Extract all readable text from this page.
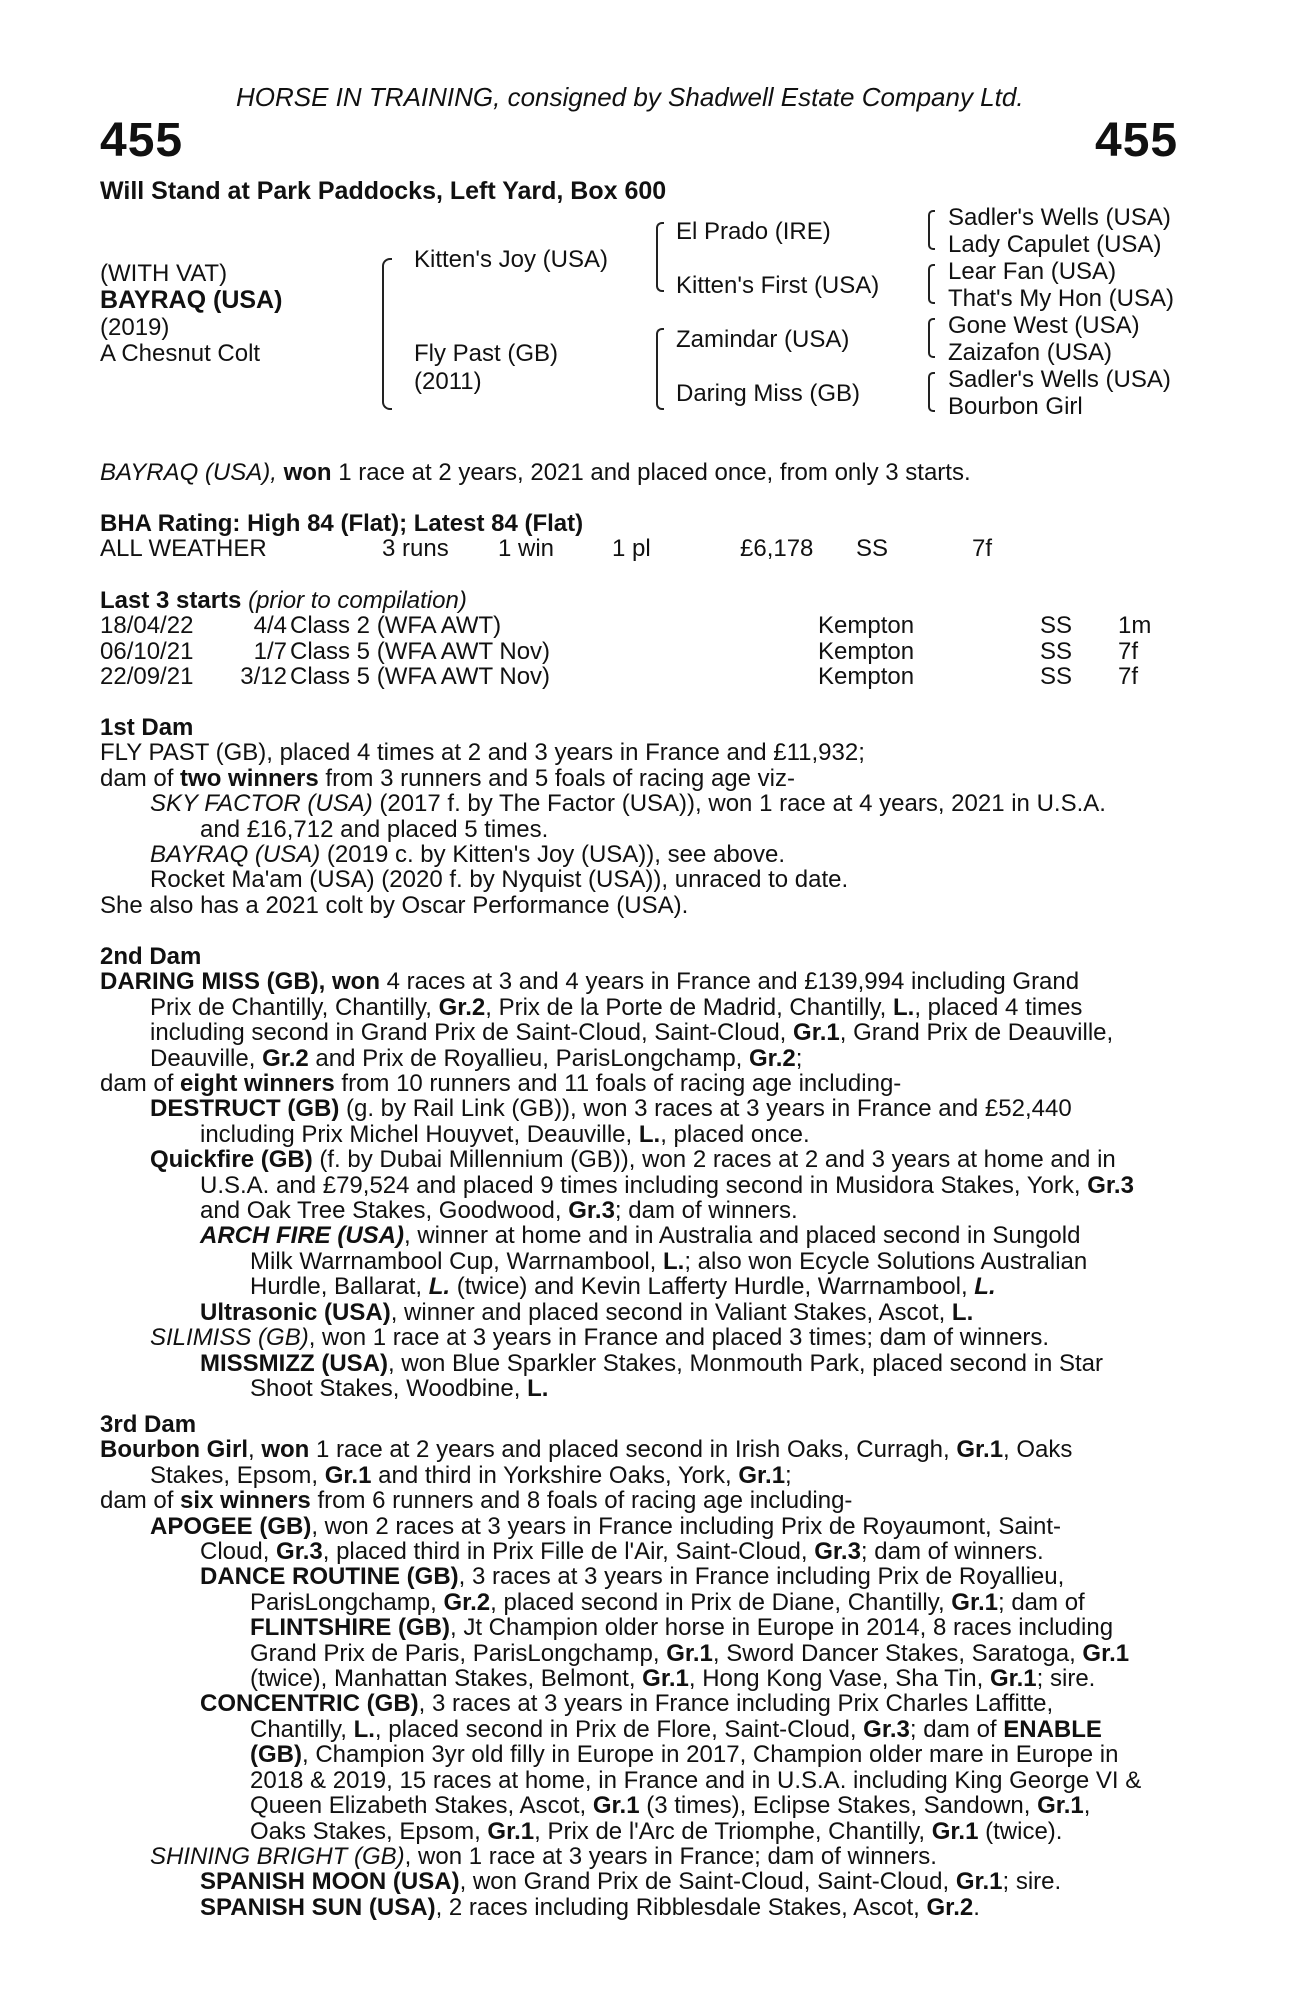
HORSE IN TRAINING, consigned by Shadwell Estate Company Ltd.
455	455
Will Stand at Park Paddocks, Left Yard, Box 600
(WITH VAT)
BAYRAQ (USA)
(2019)
A Chesnut Colt
Kitten's Joy (USA)
Fly Past (GB)
(2011)
El Prado (IRE)
Kitten's First (USA)
Zamindar (USA)
Daring Miss (GB)
Sadler's Wells (USA)
Lady Capulet (USA)
Lear Fan (USA)
That's My Hon (USA)
Gone West (USA)
Zaizafon (USA)
Sadler's Wells (USA)
Bourbon Girl

BAYRAQ (USA), won 1 race at 2 years, 2021 and placed once, from only 3 starts.

BHA Rating: High 84 (Flat); Latest 84 (Flat)

ALL WEATHER	3 runs 1 win 1 pl	£6,178 SS	7f

Last 3 starts (prior to compilation)

18/04/22	4/4 Class 2 (WFA AWT)	Kempton	SS 1m
06/10/21	1/7 Class 5 (WFA AWT Nov)	Kempton	SS 7f
22/09/21	3/12 Class 5 (WFA AWT Nov)	Kempton	SS 7f

1st Dam

FLY PAST (GB), placed 4 times at 2 and 3 years in France and £11,932;

dam of two winners from 3 runners and 5 foals of racing age viz-

SKY FACTOR (USA) (2017 f. by The Factor (USA)), won 1 race at 4 years, 2021 in U.S.A.

and £16,712 and placed 5 times.

BAYRAQ (USA) (2019 c. by Kitten's Joy (USA)), see above.

Rocket Ma'am (USA) (2020 f. by Nyquist (USA)), unraced to date.

She also has a 2021 colt by Oscar Performance (USA).

2nd Dam

DARING MISS (GB), won 4 races at 3 and 4 years in France and £139,994 including Grand

Prix de Chantilly, Chantilly, Gr.2, Prix de la Porte de Madrid, Chantilly, L., placed 4 times

including second in Grand Prix de Saint-Cloud, Saint-Cloud, Gr.1, Grand Prix de Deauville,

Deauville, Gr.2 and Prix de Royallieu, ParisLongchamp, Gr.2;

dam of eight winners from 10 runners and 11 foals of racing age including-

DESTRUCT (GB) (g. by Rail Link (GB)), won 3 races at 3 years in France and £52,440

including Prix Michel Houyvet, Deauville, L., placed once.

Quickfire (GB) (f. by Dubai Millennium (GB)), won 2 races at 2 and 3 years at home and in

U.S.A. and £79,524 and placed 9 times including second in Musidora Stakes, York, Gr.3

and Oak Tree Stakes, Goodwood, Gr.3; dam of winners.

ARCH FIRE (USA), winner at home and in Australia and placed second in Sungold

Milk Warrnambool Cup, Warrnambool, L.; also won Ecycle Solutions Australian

Hurdle, Ballarat, L. (twice) and Kevin Lafferty Hurdle, Warrnambool, L.

Ultrasonic (USA), winner and placed second in Valiant Stakes, Ascot, L.

SILIMISS (GB), won 1 race at 3 years in France and placed 3 times; dam of winners.

MISSMIZZ (USA), won Blue Sparkler Stakes, Monmouth Park, placed second in Star

Shoot Stakes, Woodbine, L.

3rd Dam

Bourbon Girl, won 1 race at 2 years and placed second in Irish Oaks, Curragh, Gr.1, Oaks

Stakes, Epsom, Gr.1 and third in Yorkshire Oaks, York, Gr.1;

dam of six winners from 6 runners and 8 foals of racing age including-

APOGEE (GB), won 2 races at 3 years in France including Prix de Royaumont, Saint-

Cloud, Gr.3, placed third in Prix Fille de l'Air, Saint-Cloud, Gr.3; dam of winners.

DANCE ROUTINE (GB), 3 races at 3 years in France including Prix de Royallieu,

ParisLongchamp, Gr.2, placed second in Prix de Diane, Chantilly, Gr.1; dam of

FLINTSHIRE (GB), Jt Champion older horse in Europe in 2014, 8 races including

Grand Prix de Paris, ParisLongchamp, Gr.1, Sword Dancer Stakes, Saratoga, Gr.1

(twice), Manhattan Stakes, Belmont, Gr.1, Hong Kong Vase, Sha Tin, Gr.1; sire.

CONCENTRIC (GB), 3 races at 3 years in France including Prix Charles Laffitte,

Chantilly, L., placed second in Prix de Flore, Saint-Cloud, Gr.3; dam of ENABLE

(GB), Champion 3yr old filly in Europe in 2017, Champion older mare in Europe in

2018 & 2019, 15 races at home, in France and in U.S.A. including King George VI &

Queen Elizabeth Stakes, Ascot, Gr.1 (3 times), Eclipse Stakes, Sandown, Gr.1,

Oaks Stakes, Epsom, Gr.1, Prix de l'Arc de Triomphe, Chantilly, Gr.1 (twice).

SHINING BRIGHT (GB), won 1 race at 3 years in France; dam of winners.

SPANISH MOON (USA), won Grand Prix de Saint-Cloud, Saint-Cloud, Gr.1; sire.

SPANISH SUN (USA), 2 races including Ribblesdale Stakes, Ascot, Gr.2.
